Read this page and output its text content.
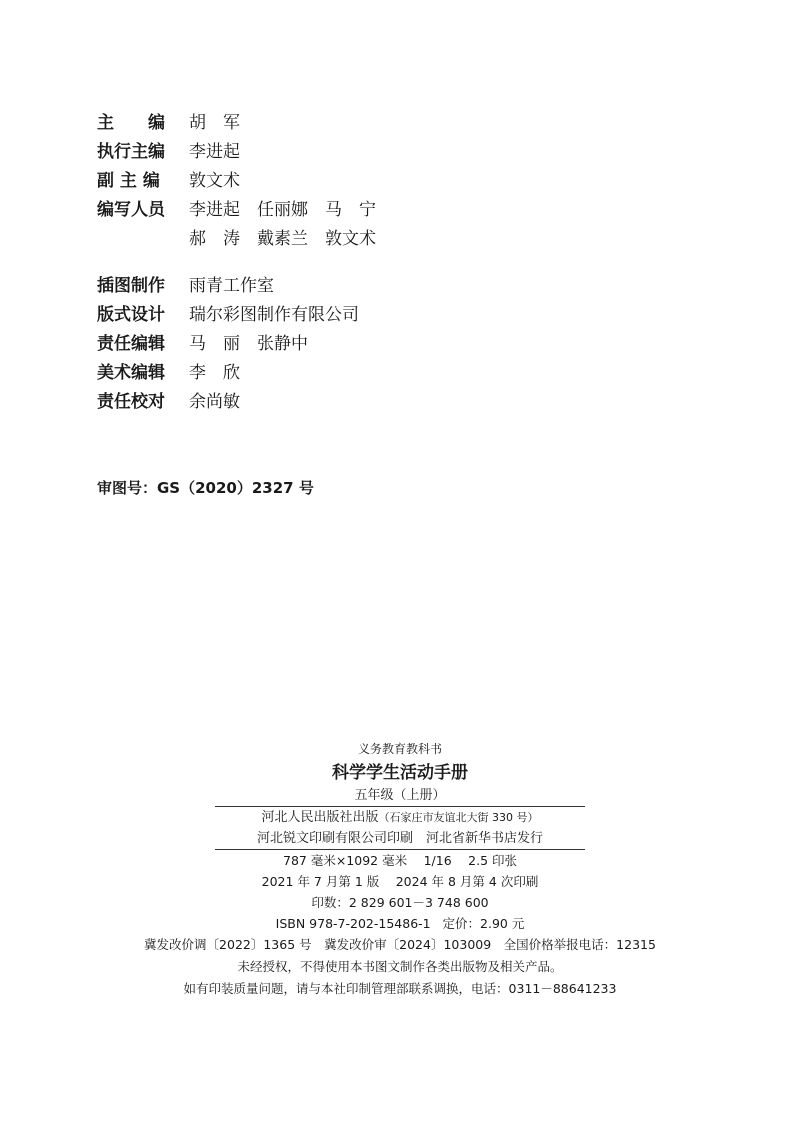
主　　编 胡　军
执行主编 李进起
副 主 编 敦文术
编写人员 李进起　任丽娜　马　宁
郝　涛　戴素兰　敦文术
插图制作 雨青工作室
版式设计 瑞尔彩图制作有限公司
责任编辑 马　丽　张静中
美术编辑 李　欣
责任校对 余尚敏
审图号：GS（2020）2327 号
义务教育教科书
科学学生活动手册
五年级（上册）
河北人民出版社出版（石家庄市友谊北大街 330 号）
河北锐文印刷有限公司印刷　河北省新华书店发行
787 毫米×1092 毫米　 1/16　 2.5 印张
2021 年 7 月第 1 版　 2024 年 8 月第 4 次印刷
印数：2 829 601－3 748 600
ISBN 978-7-202-15486-1 定价：2.90 元
冀发改价调〔2022〕1365 号　冀发改价审〔2024〕103009　全国价格举报电话：12315
未经授权，不得使用本书图文制作各类出版物及相关产品。
如有印装质量问题，请与本社印制管理部联系调换，电话：0311－88641233
